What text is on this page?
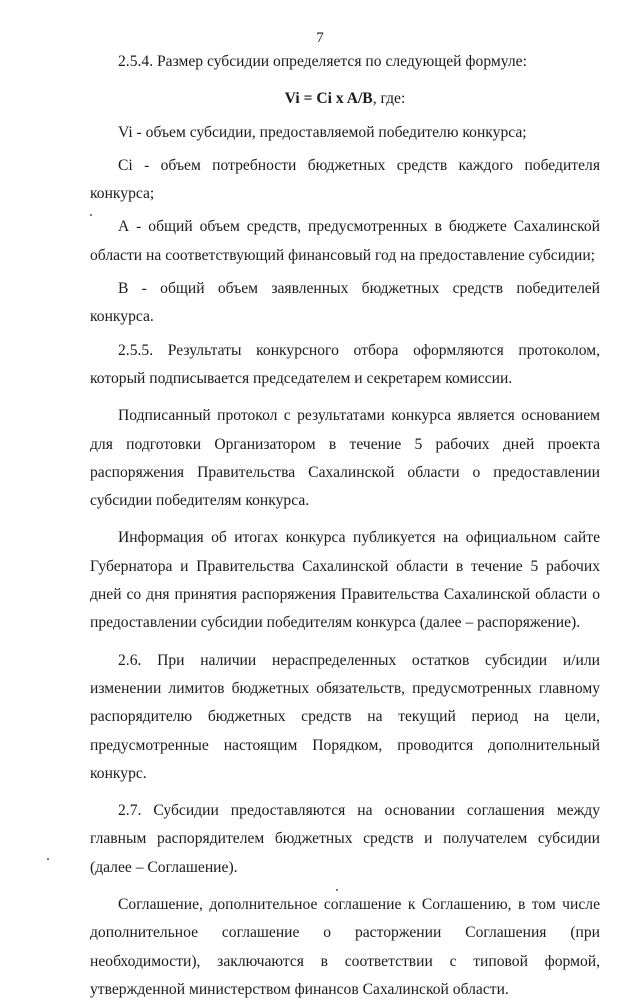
7

2.5.4. Размер субсидии определяется по следующей формуле:

Vi = Ci x A/B, где:

Vi - объем субсидии, предоставляемой победителю конкурса;

Ci - объем потребности бюджетных средств каждого победителя конкурса;

А - общий объем средств, предусмотренных в бюджете Сахалинской области на соответствующий финансовый год на предоставление субсидии;

В - общий объем заявленных бюджетных средств победителей конкурса.

2.5.5. Результаты конкурсного отбора оформляются протоколом, который подписывается председателем и секретарем комиссии.

Подписанный протокол с результатами конкурса является основанием для подготовки Организатором в течение 5 рабочих дней проекта распоряжения Правительства Сахалинской области о предоставлении субсидии победителям конкурса.

Информация об итогах конкурса публикуется на официальном сайте Губернатора и Правительства Сахалинской области в течение 5 рабочих дней со дня принятия распоряжения Правительства Сахалинской области о предоставлении субсидии победителям конкурса (далее – распоряжение).

2.6. При наличии нераспределенных остатков субсидии и/или изменении лимитов бюджетных обязательств, предусмотренных главному распорядителю бюджетных средств на текущий период на цели, предусмотренные настоящим Порядком, проводится дополнительный конкурс.

2.7. Субсидии предоставляются на основании соглашения между главным распорядителем бюджетных средств и получателем субсидии (далее – Соглашение).

Соглашение, дополнительное соглашение к Соглашению, в том числе дополнительное соглашение о расторжении Соглашения (при необходимости), заключаются в соответствии с типовой формой, утвержденной министерством финансов Сахалинской области.
